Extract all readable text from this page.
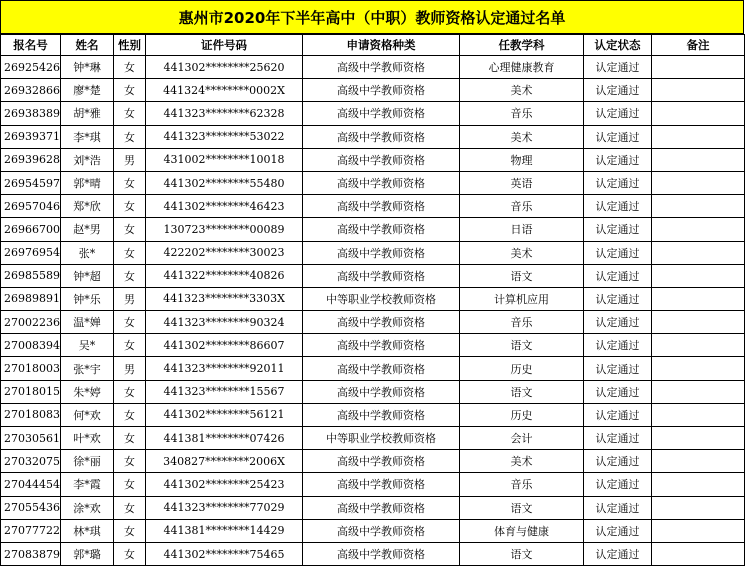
惠州市2020年下半年高中（中职）教师资格认定通过名单
报名号	姓名	性别	证件号码	申请资格种类	任教学科	认定状态	备注
26925426	钟*琳	女	441302********25620	高级中学教师资格	心理健康教育	认定通过	
26932866	廖*楚	女	441324********0002X	高级中学教师资格	美术	认定通过	
26938389	胡*雅	女	441323********62328	高级中学教师资格	音乐	认定通过	
26939371	李*琪	女	441323********53022	高级中学教师资格	美术	认定通过	
26939628	刘*浩	男	431002********10018	高级中学教师资格	物理	认定通过	
26954597	郭*晴	女	441302********55480	高级中学教师资格	英语	认定通过	
26957046	郑*欣	女	441302********46423	高级中学教师资格	音乐	认定通过	
26966700	赵*男	女	130723********00089	高级中学教师资格	日语	认定通过	
26976954	张*	女	422202********30023	高级中学教师资格	美术	认定通过	
26985589	钟*超	女	441322********40826	高级中学教师资格	语文	认定通过	
26989891	钟*乐	男	441323********3303X	中等职业学校教师资格	计算机应用	认定通过	
27002236	温*婵	女	441323********90324	高级中学教师资格	音乐	认定通过	
27008394	吴*	女	441302********86607	高级中学教师资格	语文	认定通过	
27018003	张*宇	男	441323********92011	高级中学教师资格	历史	认定通过	
27018015	朱*婷	女	441323********15567	高级中学教师资格	语文	认定通过	
27018083	何*欢	女	441302********56121	高级中学教师资格	历史	认定通过	
27030561	叶*欢	女	441381********07426	中等职业学校教师资格	会计	认定通过	
27032075	徐*丽	女	340827********2006X	高级中学教师资格	美术	认定通过	
27044454	李*霞	女	441302********25423	高级中学教师资格	音乐	认定通过	
27055436	涂*欢	女	441323********77029	高级中学教师资格	语文	认定通过	
27077722	林*琪	女	441381********14429	高级中学教师资格	体育与健康	认定通过	
27083879	郭*璐	女	441302********75465	高级中学教师资格	语文	认定通过	
